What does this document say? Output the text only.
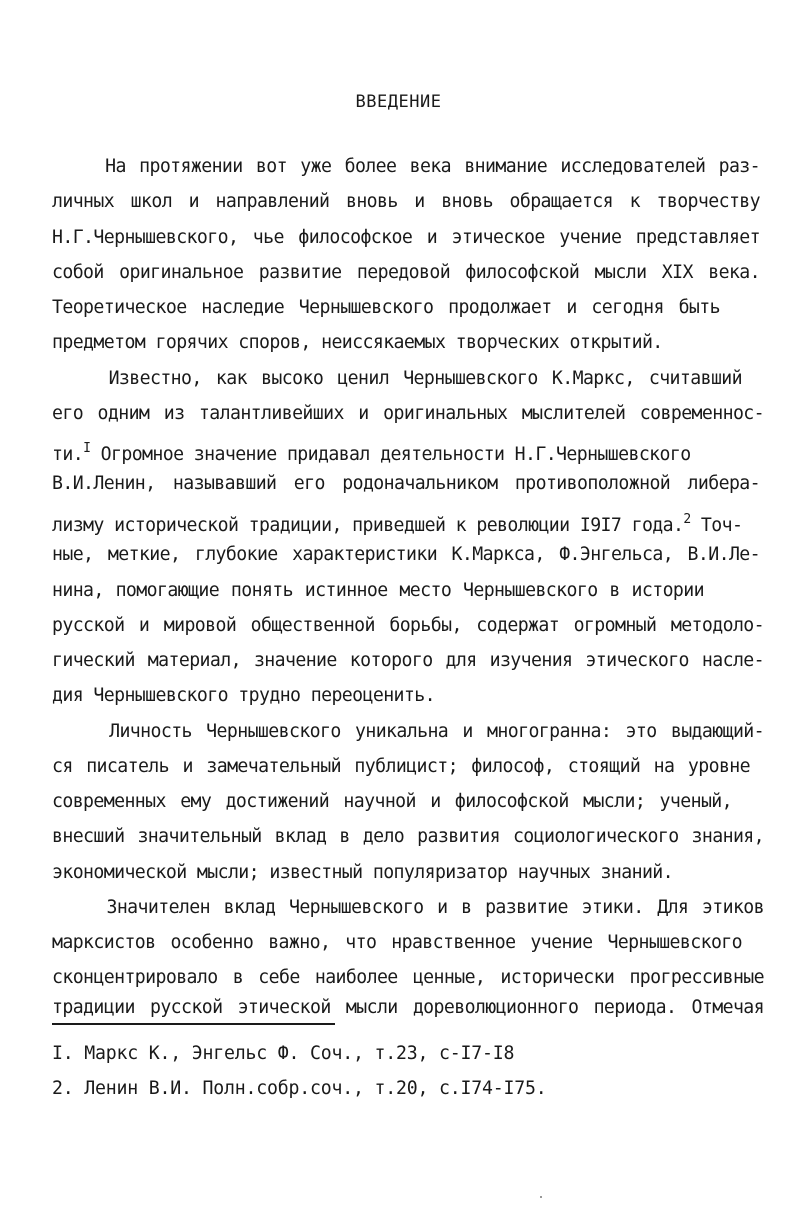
ВВЕДЕНИЕ
На протяжении вот уже более века внимание исследователей раз-
личных школ и направлений вновь и вновь обращается к творчеству
Н.Г.Чернышевского, чье философское и этическое учение представляет
собой оригинальное развитие передовой философской мысли XIX века.
Теоретическое наследие Чернышевского продолжает и сегодня быть
предметом горячих споров, неиссякаемых творческих открытий.
Известно, как высоко ценил Чернышевского К.Маркс, считавший
его одним из талантливейших и оригинальных мыслителей современнос-
ти.$^I$ Огромное значение придавал деятельности Н.Г.Чернышевского
В.И.Ленин, называвший его родоначальником противоположной либера-
лизму исторической традиции, приведшей к революции I9I7 года.$^2$ Точ-
ные, меткие, глубокие характеристики К.Маркса, Ф.Энгельса, В.И.Ле-
нина, помогающие понять истинное место Чернышевского в истории
русской и мировой общественной борьбы, содержат огромный методоло-
гический материал, значение которого для изучения этического насле-
дия Чернышевского трудно переоценить.
Личность Чернышевского уникальна и многогранна: это выдающий-
ся писатель и замечательный публицист; философ, стоящий на уровне
современных ему достижений научной и философской мысли; ученый,
внесший значительный вклад в дело развития социологического знания,
экономической мысли; известный популяризатор научных знаний.
Значителен вклад Чернышевского и в развитие этики. Для этиков
марксистов особенно важно, что нравственное учение Чернышевского
сконцентрировало в себе наиболее ценные, исторически прогрессивные
традиции русской этической мысли дореволюционного периода. Отмечая
I. Маркс К., Энгельс Ф. Соч., т.23, с-I7-I8
2. Ленин В.И. Полн.собр.соч., т.20, с.I74-I75.
